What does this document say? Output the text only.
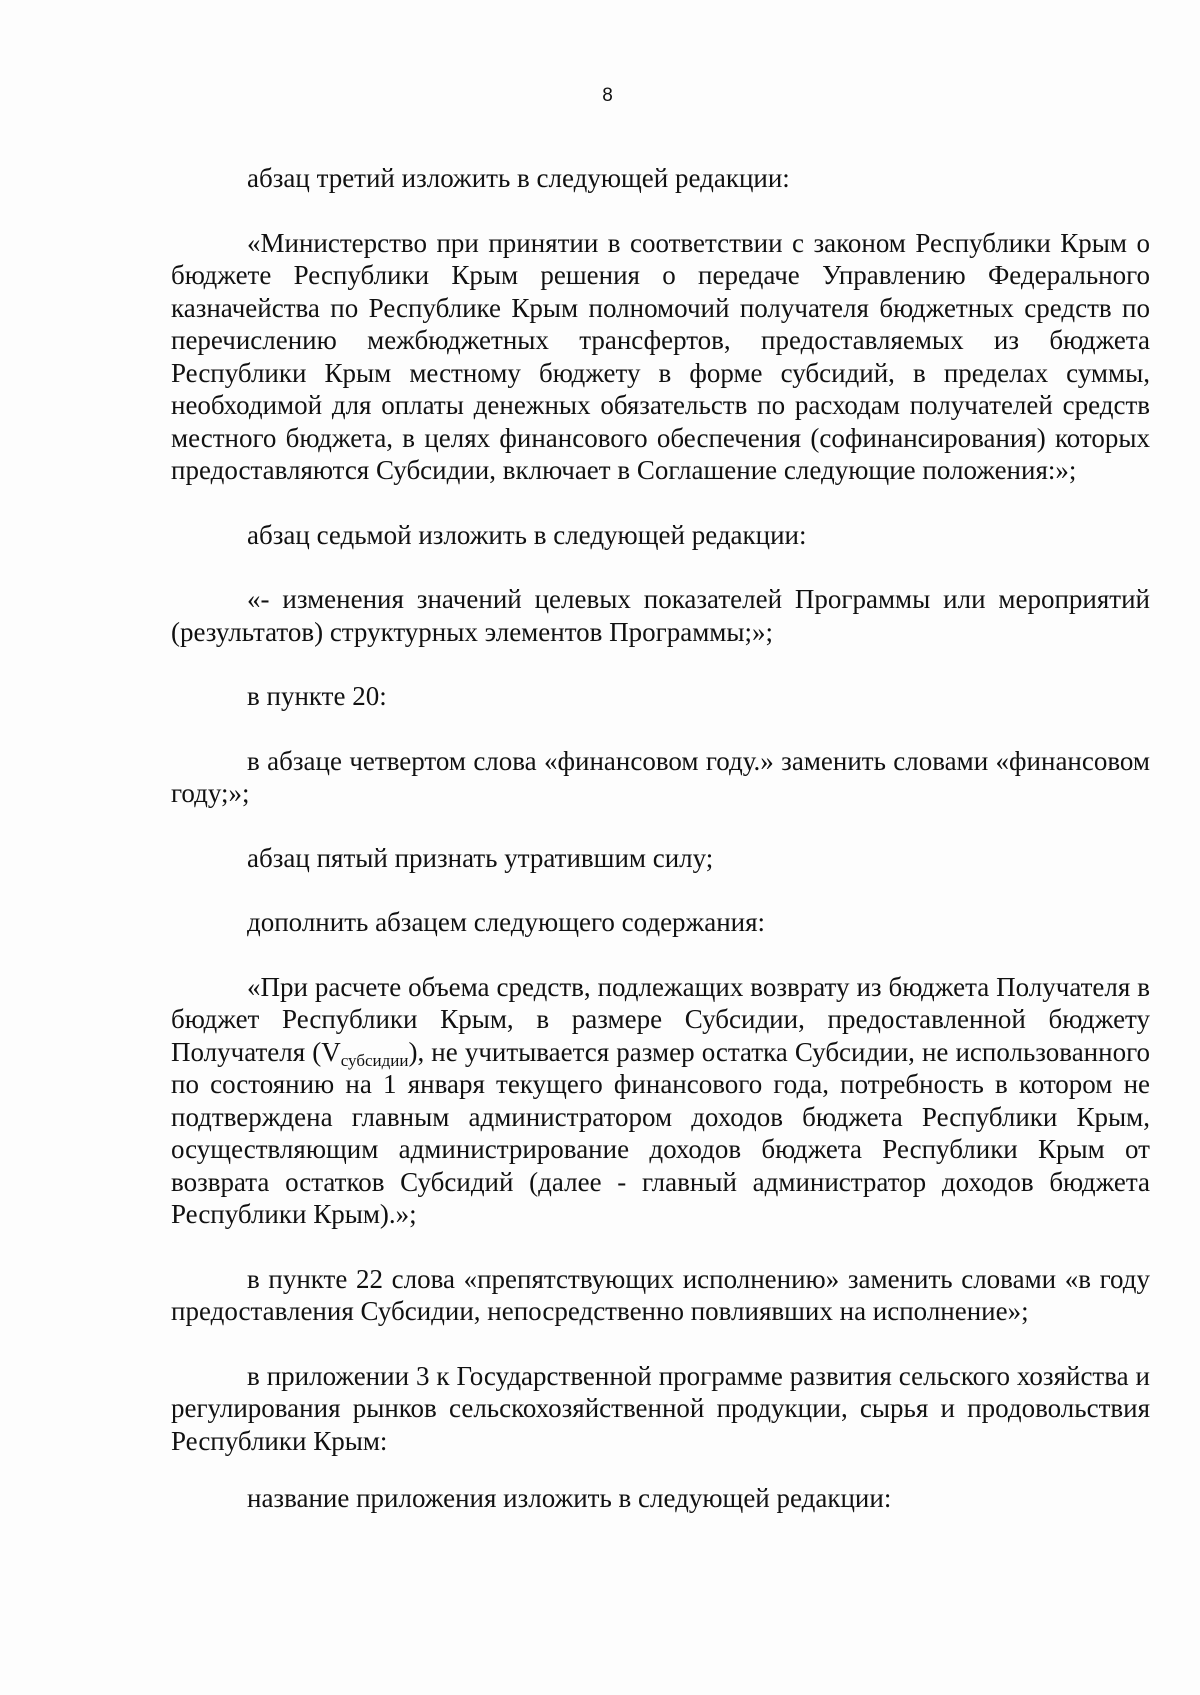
8

абзац третий изложить в следующей редакции:

«Министерство при принятии в соответствии с законом Республики Крым о бюджете Республики Крым решения о передаче Управлению Федерального казначейства по Республике Крым полномочий получателя бюджетных средств по перечислению межбюджетных трансфертов, предоставляемых из бюджета Республики Крым местному бюджету в форме субсидий, в пределах суммы, необходимой для оплаты денежных обязательств по расходам получателей средств местного бюджета, в целях финансового обеспечения (софинансирования) которых предоставляются Субсидии, включает в Соглашение следующие положения:»;

абзац седьмой изложить в следующей редакции:

«- изменения значений целевых показателей Программы или мероприятий (результатов) структурных элементов Программы;»;

в пункте 20:

в абзаце четвертом слова «финансовом году.» заменить словами «финансовом году;»;

абзац пятый признать утратившим силу;

дополнить абзацем следующего содержания:

«При расчете объема средств, подлежащих возврату из бюджета Получателя в бюджет Республики Крым, в размере Субсидии, предоставленной бюджету Получателя $(V_{субсидии})$, не учитывается размер остатка Субсидии, не использованного по состоянию на 1 января текущего финансового года, потребность в котором не подтверждена главным администратором доходов бюджета Республики Крым, осуществляющим администрирование доходов бюджета Республики Крым от возврата остатков Субсидий (далее - главный администратор доходов бюджета Республики Крым).»;

в пункте 22 слова «препятствующих исполнению» заменить словами «в году предоставления Субсидии, непосредственно повлиявших на исполнение»;

в приложении 3 к Государственной программе развития сельского хозяйства и регулирования рынков сельскохозяйственной продукции, сырья и продовольствия Республики Крым:

название приложения изложить в следующей редакции:
